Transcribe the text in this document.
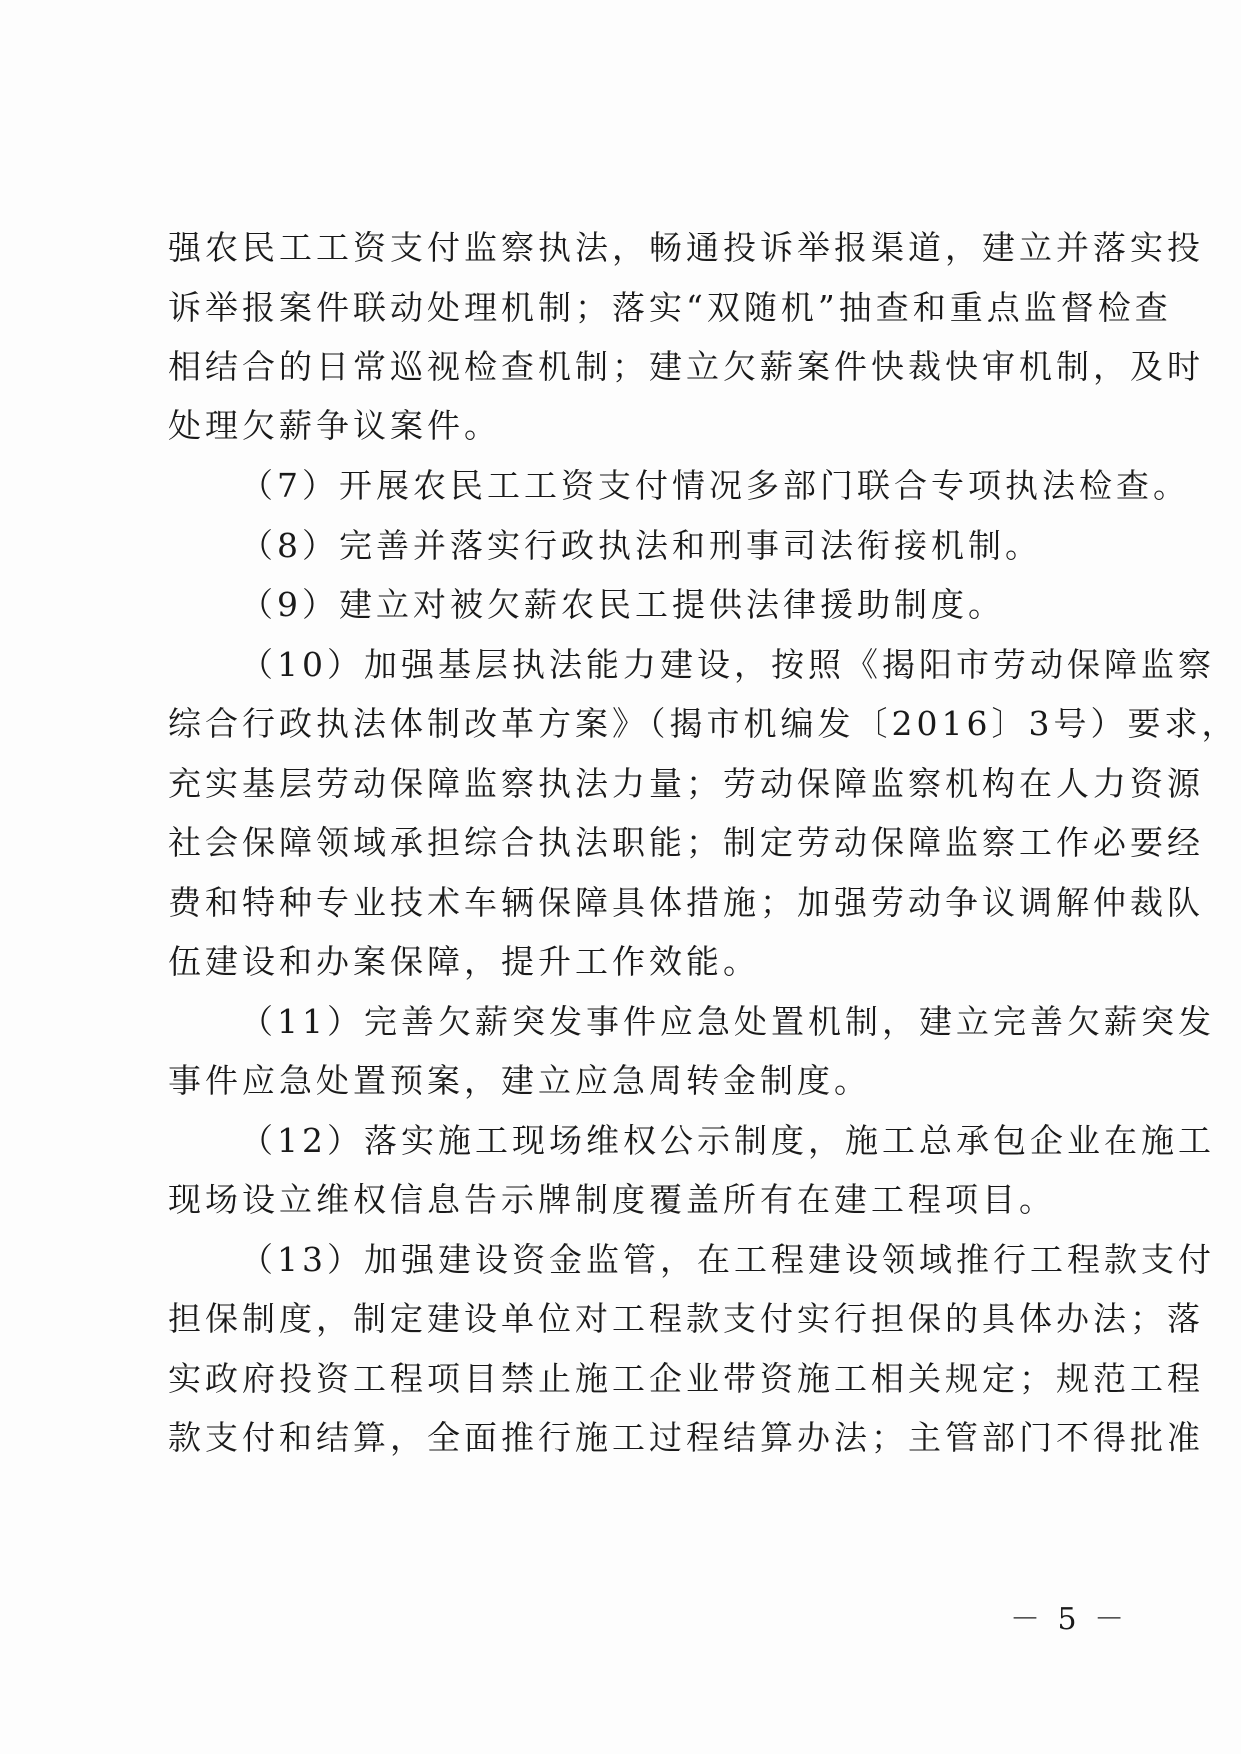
强农民工工资支付监察执法，畅通投诉举报渠道，建立并落实投
诉举报案件联动处理机制；落实“双随机”抽查和重点监督检查
相结合的日常巡视检查机制；建立欠薪案件快裁快审机制，及时
处理欠薪争议案件。
（7）开展农民工工资支付情况多部门联合专项执法检查。
（8）完善并落实行政执法和刑事司法衔接机制。
（9）建立对被欠薪农民工提供法律援助制度。
（10）加强基层执法能力建设，按照《揭阳市劳动保障监察
综合行政执法体制改革方案》（揭市机编发〔2016〕3号）要求，
充实基层劳动保障监察执法力量；劳动保障监察机构在人力资源
社会保障领域承担综合执法职能；制定劳动保障监察工作必要经
费和特种专业技术车辆保障具体措施；加强劳动争议调解仲裁队
伍建设和办案保障，提升工作效能。
（11）完善欠薪突发事件应急处置机制，建立完善欠薪突发
事件应急处置预案，建立应急周转金制度。
（12）落实施工现场维权公示制度，施工总承包企业在施工
现场设立维权信息告示牌制度覆盖所有在建工程项目。
（13）加强建设资金监管，在工程建设领域推行工程款支付
担保制度，制定建设单位对工程款支付实行担保的具体办法；落
实政府投资工程项目禁止施工企业带资施工相关规定；规范工程
款支付和结算，全面推行施工过程结算办法；主管部门不得批准
－ 5 －
